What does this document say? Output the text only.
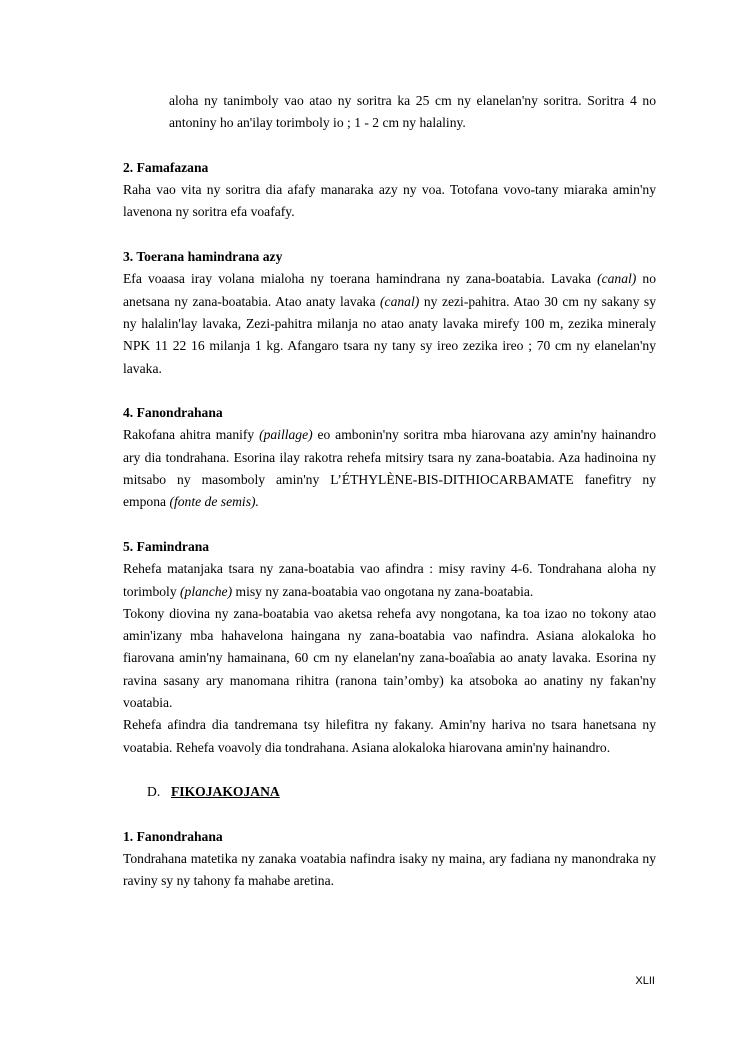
aloha ny tanimboly vao atao ny soritra ka 25 cm ny elanelan'ny soritra. Soritra 4 no antoniny ho an'ilay torimboly io ; 1 - 2 cm ny halaliny.

2. Famafazana

Raha vao vita ny soritra dia afafy manaraka azy ny voa. Totofana vovo-tany miaraka amin'ny lavenona ny soritra efa voafafy.

3. Toerana hamindrana azy

Efa voaasa iray volana mialoha ny toerana hamindrana ny zana-boatabia. Lavaka (canal) no anetsana ny zana-boatabia. Atao anaty lavaka (canal) ny zezi-pahitra. Atao 30 cm ny sakany sy ny halalin'lay lavaka, Zezi-pahitra milanja no atao anaty lavaka mirefy 100 m, zezika mineraly NPK 11 22 16 milanja 1 kg. Afangaro tsara ny tany sy ireo zezika ireo ; 70 cm ny elanelan'ny lavaka.

4. Fanondrahana

Rakofana ahitra manify (paillage) eo ambonin'ny soritra mba hiarovana azy amin'ny hainandro ary dia tondrahana. Esorina ilay rakotra rehefa mitsiry tsara ny zana-boatabia. Aza hadinoina ny mitsabo ny masomboly amin'ny L’ÉTHYLÈNE-BIS-DITHIOCARBAMATE fanefitry ny empona (fonte de semis).

5. Famindrana

Rehefa matanjaka tsara ny zana-boatabia vao afindra : misy raviny 4-6. Tondrahana aloha ny torimboly (planche) misy ny zana-boatabia vao ongotana ny zana-boatabia.

Tokony diovina ny zana-boatabia vao aketsa rehefa avy nongotana, ka toa izao no tokony atao amin'izany mba hahavelona haingana ny zana-boatabia vao nafindra. Asiana alokaloka ho fiarovana amin'ny hamainana, 60 cm ny elanelan'ny zana-boaîabia ao anaty lavaka. Esorina ny ravina sasany ary manomana rihitra (ranona tain’omby) ka atsoboka ao anatiny ny fakan'ny voatabia.

Rehefa afindra dia tandremana tsy hilefitra ny fakany. Amin'ny hariva no tsara hanetsana ny voatabia. Rehefa voavoly dia tondrahana. Asiana alokaloka hiarovana amin'ny hainandro.

D. FIKOJAKOJANA

1. Fanondrahana

Tondrahana matetika ny zanaka voatabia nafindra isaky ny maina, ary fadiana ny manondraka ny raviny sy ny tahony fa mahabe aretina.

XLII
